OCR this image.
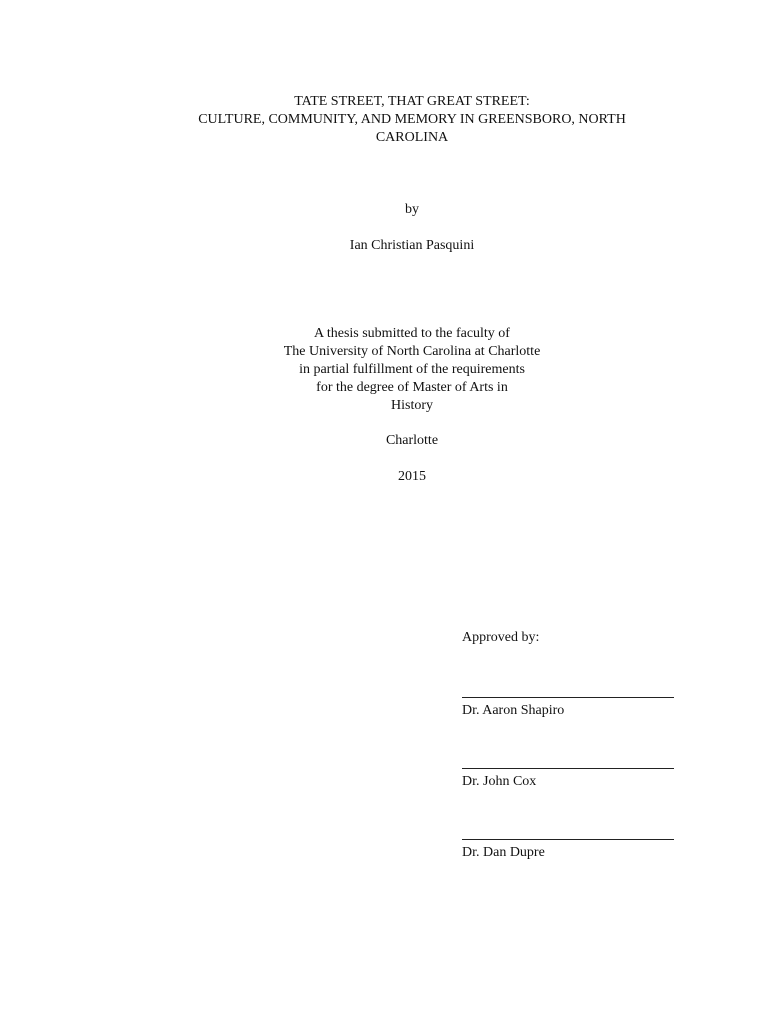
TATE STREET, THAT GREAT STREET:
CULTURE, COMMUNITY, AND MEMORY IN GREENSBORO, NORTH
CAROLINA
by
Ian Christian Pasquini
A thesis submitted to the faculty of
The University of North Carolina at Charlotte
in partial fulfillment of the requirements
for the degree of Master of Arts in
History
Charlotte
2015
Approved by:
Dr. Aaron Shapiro
Dr. John Cox
Dr. Dan Dupre
